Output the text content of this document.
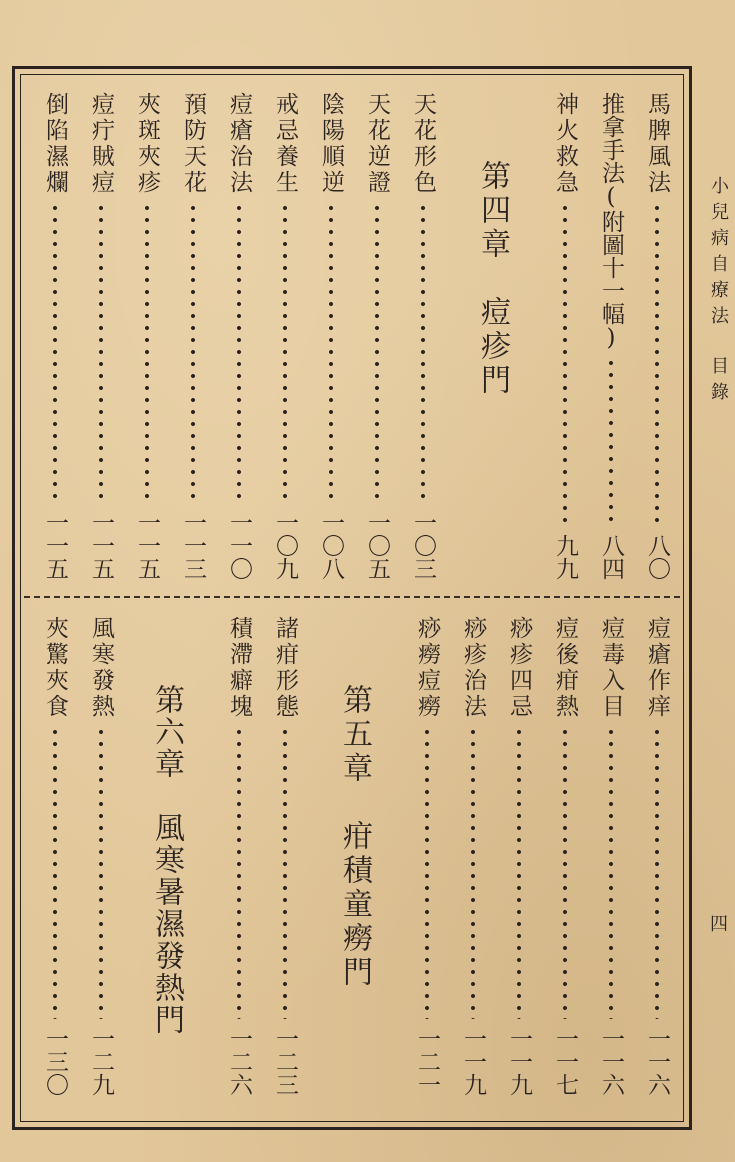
小兒病自療法目錄
四
馬脾風法
八〇
推拿手法(附圖十一幅)
八四
神火救急
九九
第四章　痘疹門
天花形色
一〇三
天花逆證
一〇五
陰陽順逆
一〇八
戒忌養生
一〇九
痘瘡治法
一一〇
預防天花
一一三
夾斑夾疹
一一五
痘疔賊痘
一一五
倒陷濕爛
一一五
痘瘡作痒
一一六
痘毒入目
一一六
痘後疳熱
一一七
痧疹四忌
一一九
痧疹治法
一一九
痧癆痘癆
一二一
第五章　疳積童癆門
諸疳形態
一二三
積滯癖塊
一二六
第六章　風寒暑濕發熱門
風寒發熱
一二九
夾驚夾食
一三〇
